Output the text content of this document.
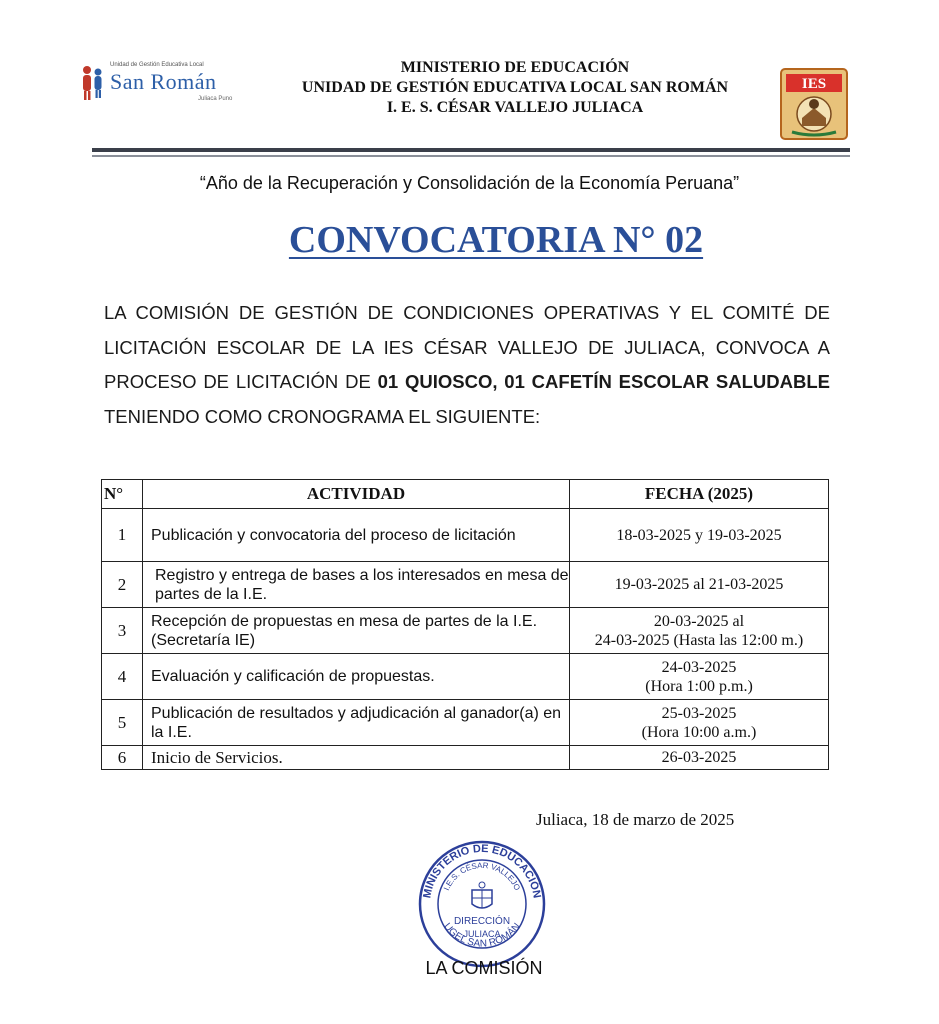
Unidad de Gestión Educativa Local
San Román
Juliaca Puno
MINISTERIO DE EDUCACIÓN
UNIDAD DE GESTIÓN EDUCATIVA LOCAL SAN ROMÁN
I. E. S. CÉSAR VALLEJO JULIACA
IES
“Año de la Recuperación y Consolidación de la Economía Peruana”
CONVOCATORIA N° 02
LA COMISIÓN DE GESTIÓN DE CONDICIONES OPERATIVAS Y EL COMITÉ DE LICITACIÓN ESCOLAR DE LA IES CÉSAR VALLEJO DE JULIACA, CONVOCA A PROCESO DE LICITACIÓN DE 01 QUIOSCO, 01 CAFETÍN ESCOLAR SALUDABLE TENIENDO COMO CRONOGRAMA EL SIGUIENTE:
N°	ACTIVIDAD	FECHA (2025)
1	Publicación y convocatoria del proceso de licitación	18-03-2025 y 19-03-2025

2	Registro y entrega de bases a los interesados en mesa de partes de la I.E.	19-03-2025 al 21-03-2025

3	Recepción de propuestas en mesa de partes de la I.E. (Secretaría IE)	20-03-2025 al
24-03-2025 (Hasta las 12:00 m.)

4	Evaluación y calificación de propuestas.	24-03-2025
(Hora 1:00 p.m.)

5	Publicación de resultados y adjudicación al ganador(a) en la I.E.	25-03-2025
(Hora 10:00 a.m.)

6	Inicio de Servicios.	26-03-2025
Juliaca, 18 de marzo de 2025
MINISTERIO DE EDUCACIÓN
I.E.S. CÉSAR VALLEJO
DIRECCIÓN
JULIACA
UGEL SAN ROMÁN
LA COMISIÓN
